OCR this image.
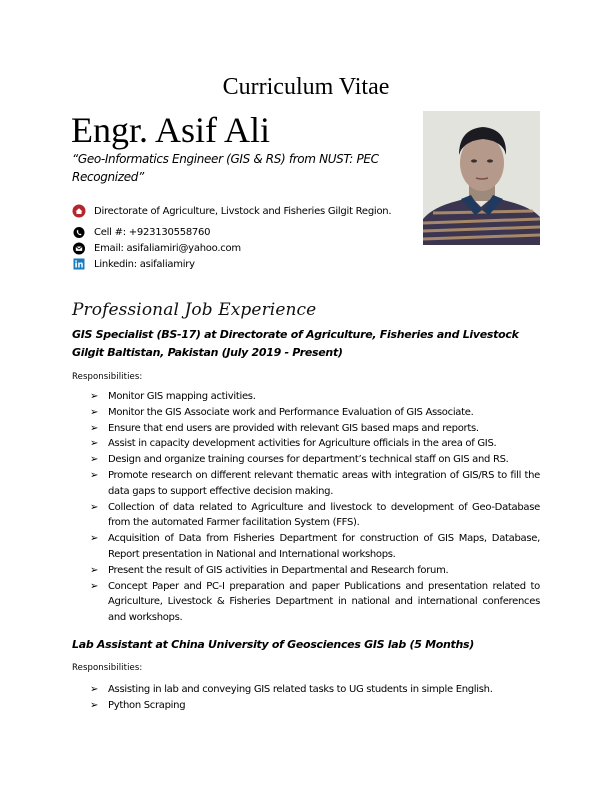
Curriculum Vitae
Engr. Asif Ali

“Geo-Informatics Engineer (GIS & RS) from NUST: PEC Recognized”

Directorate of Agriculture, Livstock and Fisheries Gilgit Region.
Cell #: +923130558760
Email: asifaliamiri@yahoo.com
Linkedin: asifaliamiry
Professional Job Experience

GIS Specialist (BS-17) at Directorate of Agriculture, Fisheries and Livestock Gilgit Baltistan, Pakistan (July 2019 - Present)

Responsibilities:

➢ Monitor GIS mapping activities.
➢ Monitor the GIS Associate work and Performance Evaluation of GIS Associate.
➢ Ensure that end users are provided with relevant GIS based maps and reports.
➢ Assist in capacity development activities for Agriculture officials in the area of GIS.
➢ Design and organize training courses for department’s technical staff on GIS and RS.
➢ Promote research on different relevant thematic areas with integration of GIS/RS to fill the data gaps to support effective decision making.
➢ Collection of data related to Agriculture and livestock to development of Geo-Database from the automated Farmer facilitation System (FFS).
➢ Acquisition of Data from Fisheries Department for construction of GIS Maps, Database, Report presentation in National and International workshops.
➢ Present the result of GIS activities in Departmental and Research forum.
➢ Concept Paper and PC-I preparation and paper Publications and presentation related to Agriculture, Livestock & Fisheries Department in national and international conferences and workshops.

Lab Assistant at China University of Geosciences GIS lab (5 Months)

Responsibilities:

➢ Assisting in lab and conveying GIS related tasks to UG students in simple English.
➢ Python Scraping
